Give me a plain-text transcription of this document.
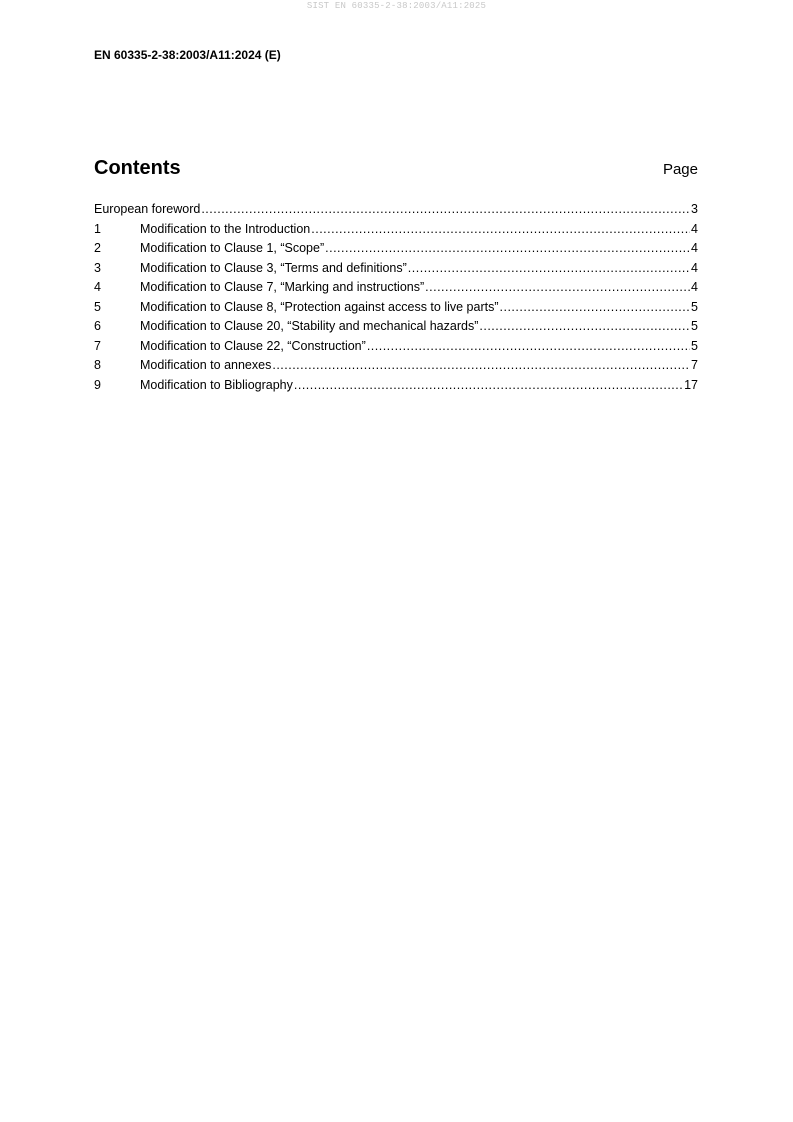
SIST EN 60335-2-38:2003/A11:2025
EN 60335-2-38:2003/A11:2024 (E)
Contents	Page
European foreword .....	3
1	Modification to the Introduction .....	4
2	Modification to Clause 1, “Scope” .....	4
3	Modification to Clause 3, “Terms and definitions” .....	4
4	Modification to Clause 7, “Marking and instructions” .....	4
5	Modification to Clause 8, “Protection against access to live parts” .....	5
6	Modification to Clause 20, “Stability and mechanical hazards” .....	5
7	Modification to Clause 22, “Construction” .....	5
8	Modification to annexes .....	7
9	Modification to Bibliography .....	17
